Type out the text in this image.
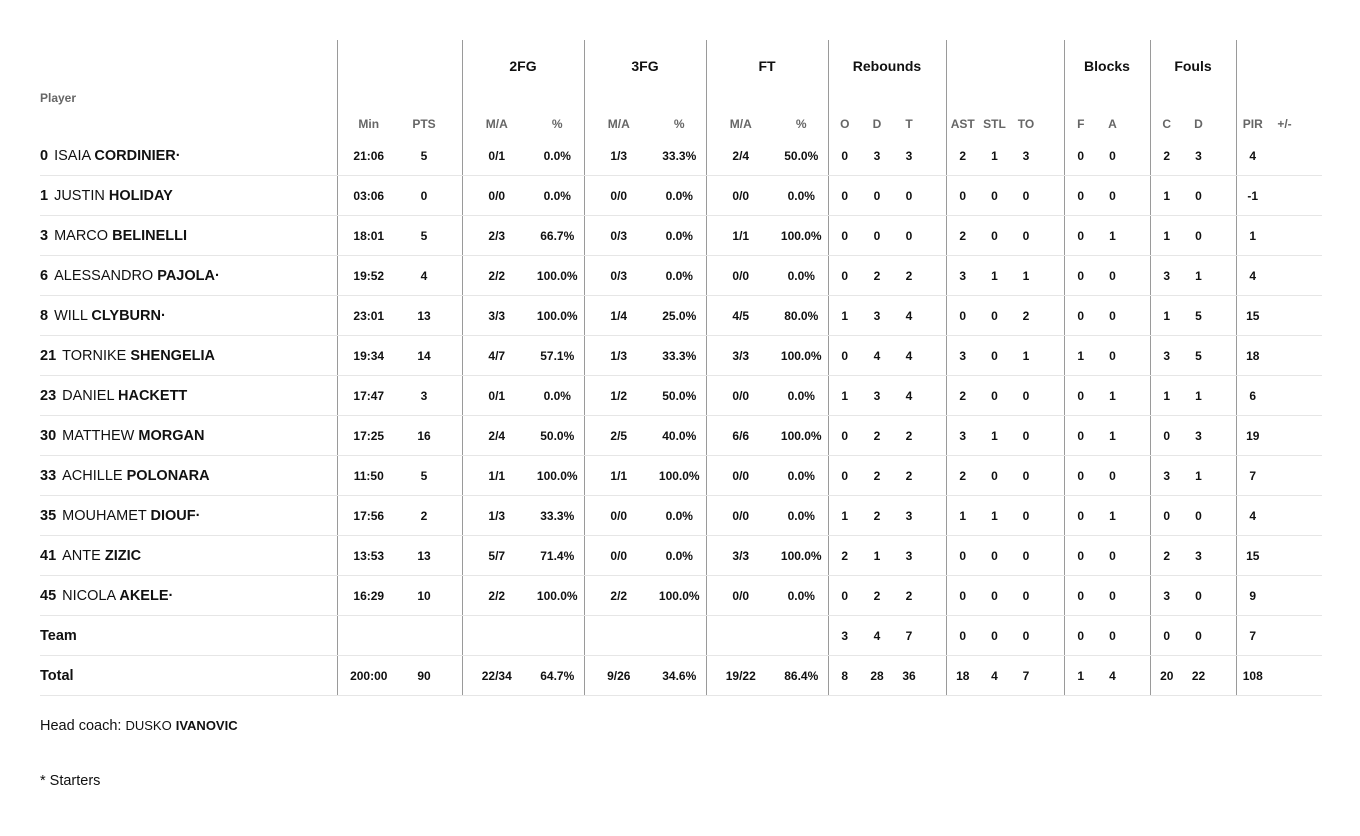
				2FG		3FG		FT		Rebounds								Blocks			Fouls					
Player	Min	PTS		M/A	%	M/A	%	M/A	%	O	D	T		AST	STL	TO		F	A		C	D		PIR	+/-	
0 ISAIA CORDINIER·	21:06	5		0/1	0.0%	1/3	33.3%	2/4	50.0%	0	3	3		2	1	3		0	0		2	3		4		
1 JUSTIN HOLIDAY	03:06	0		0/0	0.0%	0/0	0.0%	0/0	0.0%	0	0	0		0	0	0		0	0		1	0		-1		
3 MARCO BELINELLI	18:01	5		2/3	66.7%	0/3	0.0%	1/1	100.0%	0	0	0		2	0	0		0	1		1	0		1		
6 ALESSANDRO PAJOLA·	19:52	4		2/2	100.0%	0/3	0.0%	0/0	0.0%	0	2	2		3	1	1		0	0		3	1		4		
8 WILL CLYBURN·	23:01	13		3/3	100.0%	1/4	25.0%	4/5	80.0%	1	3	4		0	0	2		0	0		1	5		15		
21 TORNIKE SHENGELIA	19:34	14		4/7	57.1%	1/3	33.3%	3/3	100.0%	0	4	4		3	0	1		1	0		3	5		18		
23 DANIEL HACKETT	17:47	3		0/1	0.0%	1/2	50.0%	0/0	0.0%	1	3	4		2	0	0		0	1		1	1		6		
30 MATTHEW MORGAN	17:25	16		2/4	50.0%	2/5	40.0%	6/6	100.0%	0	2	2		3	1	0		0	1		0	3		19		
33 ACHILLE POLONARA	11:50	5		1/1	100.0%	1/1	100.0%	0/0	0.0%	0	2	2		2	0	0		0	0		3	1		7		
35 MOUHAMET DIOUF·	17:56	2		1/3	33.3%	0/0	0.0%	0/0	0.0%	1	2	3		1	1	0		0	1		0	0		4		
41 ANTE ZIZIC	13:53	13		5/7	71.4%	0/0	0.0%	3/3	100.0%	2	1	3		0	0	0		0	0		2	3		15		
45 NICOLA AKELE·	16:29	10		2/2	100.0%	2/2	100.0%	0/0	0.0%	0	2	2		0	0	0		0	0		3	0		9		
Team										3	4	7		0	0	0		0	0		0	0		7		
Total	200:00	90		22/34	64.7%	9/26	34.6%	19/22	86.4%	8	28	36		18	4	7		1	4		20	22		108		
Head coach: DUSKO IVANOVIC
* Starters
